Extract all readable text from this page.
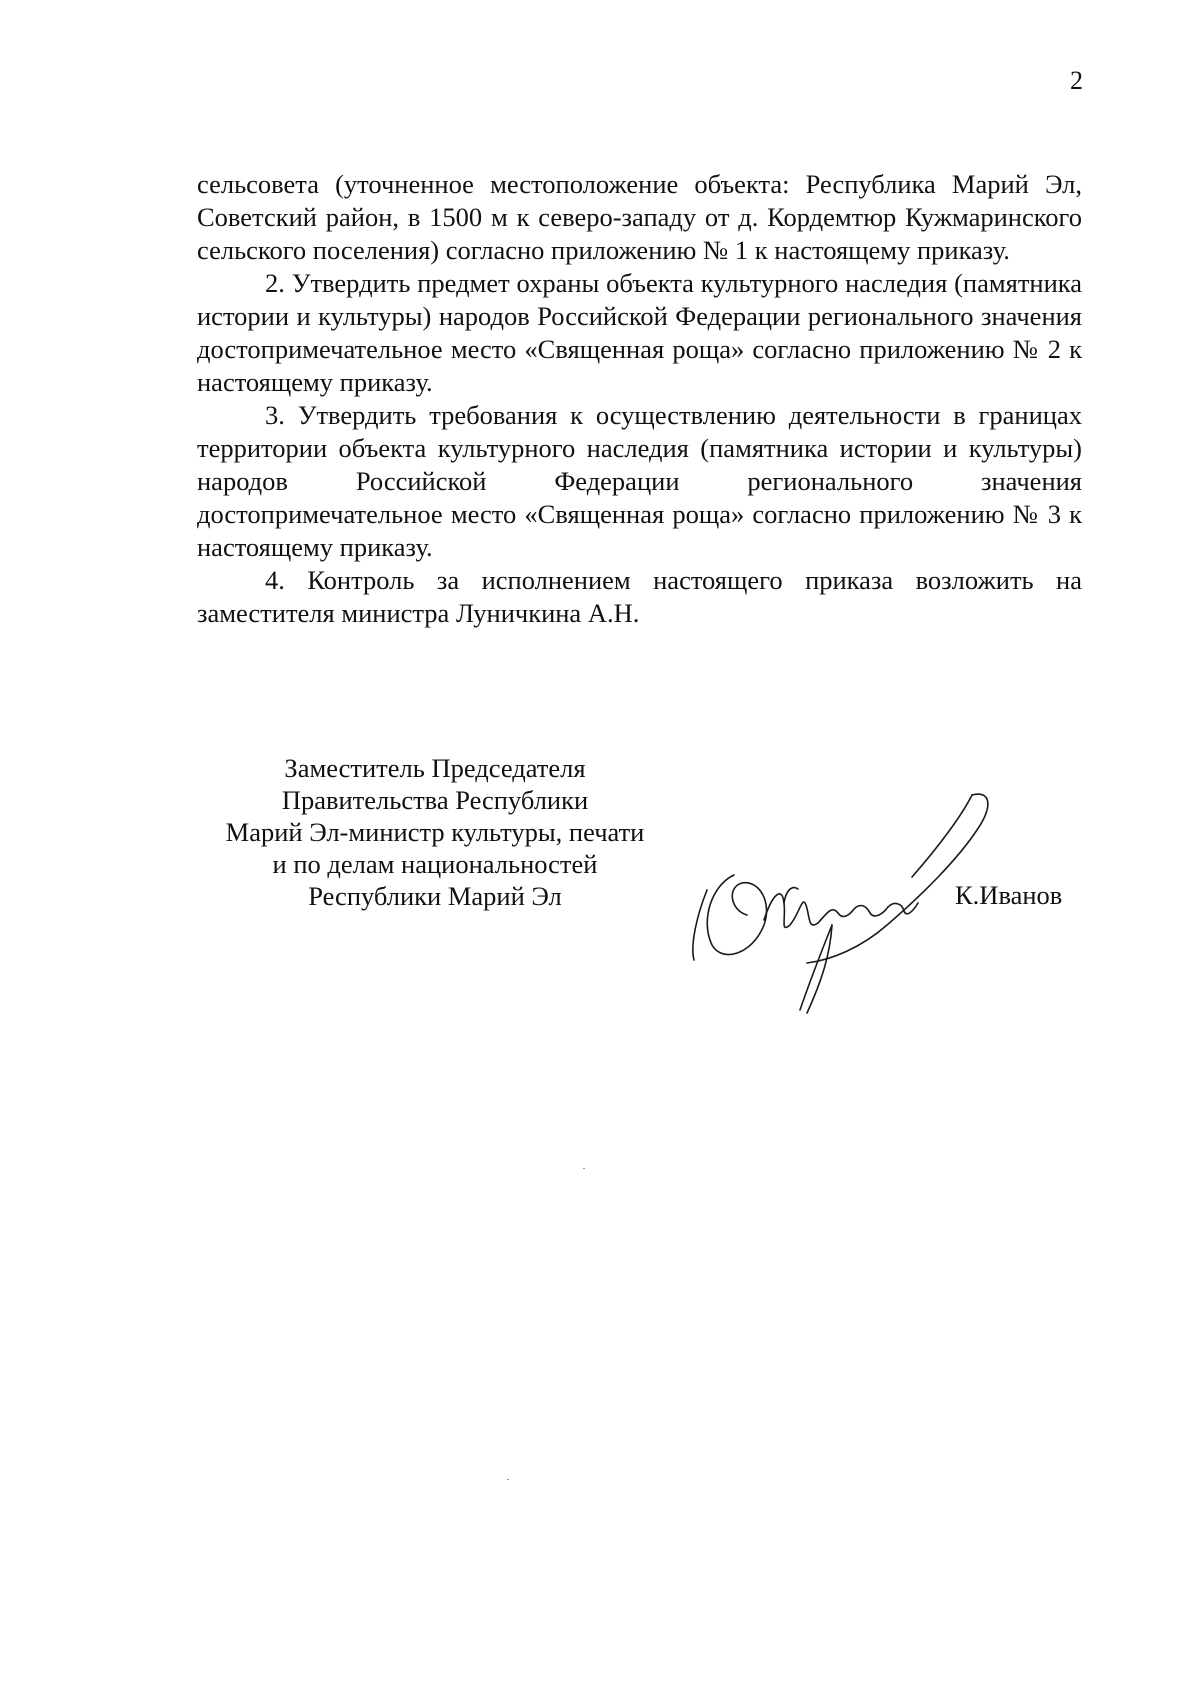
2

сельсовета (уточненное местоположение объекта: Республика Марий Эл, Советский район, в 1500 м к северо-западу от д. Кордемтюр Кужмаринского сельского поселения) согласно приложению № 1 к настоящему приказу.

2. Утвердить предмет охраны объекта культурного наследия (памятника истории и культуры) народов Российской Федерации регионального значения достопримечательное место «Священная роща» согласно приложению № 2 к настоящему приказу.

3. Утвердить требования к осуществлению деятельности в границах территории объекта культурного наследия (памятника истории и культуры) народов Российской Федерации регионального значения достопримечательное место «Священная роща» согласно приложению № 3 к настоящему приказу.

4. Контроль за исполнением настоящего приказа возложить на заместителя министра Луничкина А.Н.

Заместитель Председателя
Правительства Республики
Марий Эл-министр культуры, печати
и по делам национальностей
Республики Марий Эл	К.Иванов
